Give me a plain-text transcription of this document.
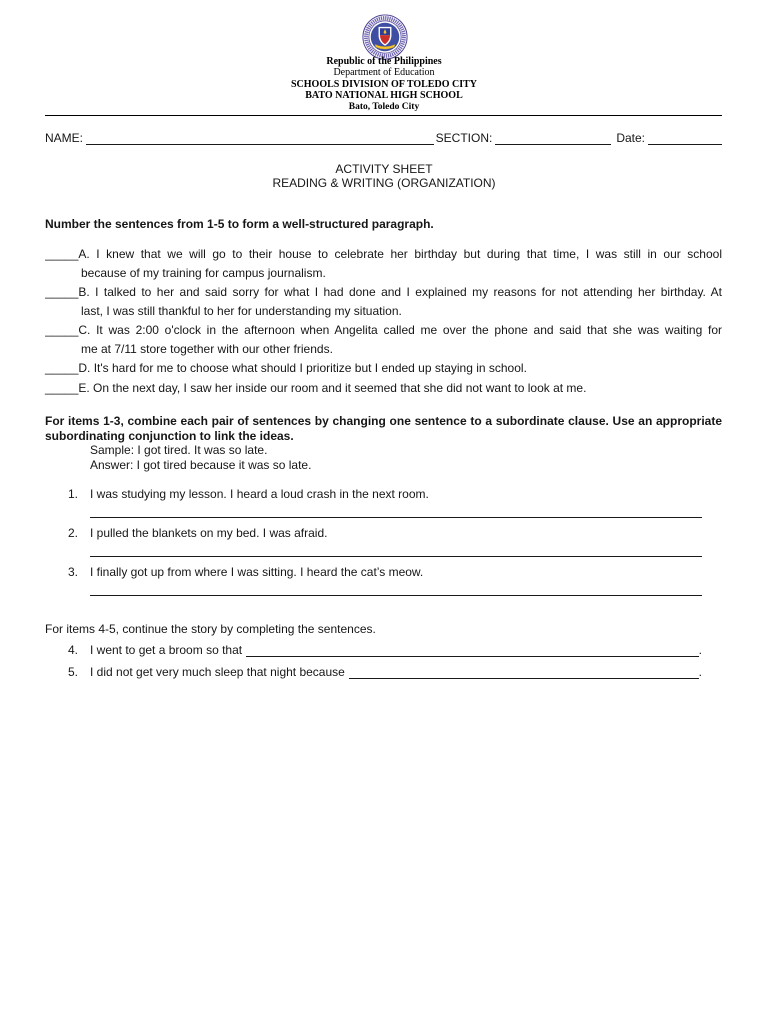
Republic of the Philippines
Department of Education
SCHOOLS DIVISION OF TOLEDO CITY
BATO NATIONAL HIGH SCHOOL
Bato, Toledo City
NAME:	SECTION:	Date:
ACTIVITY SHEET
READING & WRITING (ORGANIZATION)
Number the sentences from 1-5 to form a well-structured paragraph.
_____A. I knew that we will go to their house to celebrate her birthday but during that time, I was still in our school
because of my training for campus journalism.
_____B. I talked to her and said sorry for what I had done and I explained my reasons for not attending her birthday. At
last, I was still thankful to her for understanding my situation.
_____C. It was 2:00 o'clock in the afternoon when Angelita called me over the phone and said that she was waiting for
me at 7/11 store together with our other friends.
_____D. It's hard for me to choose what should I prioritize but I ended up staying in school.
_____E. On the next day, I saw her inside our room and it seemed that she did not want to look at me.
For items 1-3, combine each pair of sentences by changing one sentence to a subordinate clause. Use an appropriate
subordinating conjunction to link the ideas.
Sample: I got tired. It was so late.
Answer: I got tired because it was so late.
1. I was studying my lesson. I heard a loud crash in the next room.
2. I pulled the blankets on my bed. I was afraid.
3. I finally got up from where I was sitting. I heard the cat’s meow.
For items 4-5, continue the story by completing the sentences.
4. I went to get a broom so that	.
5. I did not get very much sleep that night because	.
